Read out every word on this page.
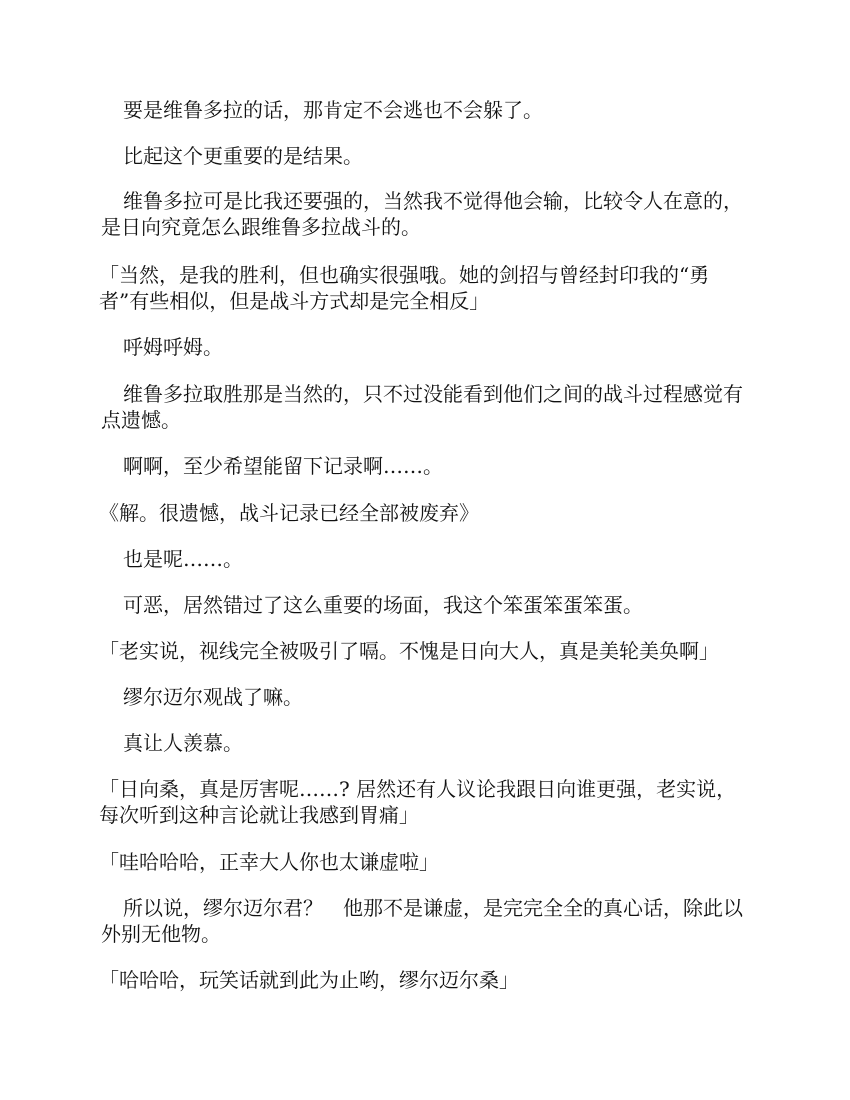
要是维鲁多拉的话，那肯定不会逃也不会躲了。

比起这个更重要的是结果。

维鲁多拉可是比我还要强的，当然我不觉得他会输，比较令人在意的，是日向究竟怎么跟维鲁多拉战斗的。

「当然，是我的胜利，但也确实很强哦。她的剑招与曾经封印我的“勇者”有些相似，但是战斗方式却是完全相反」

呼姆呼姆。

维鲁多拉取胜那是当然的，只不过没能看到他们之间的战斗过程感觉有点遗憾。

啊啊，至少希望能留下记录啊……。

《解。很遗憾，战斗记录已经全部被废弃》

也是呢……。

可恶，居然错过了这么重要的场面，我这个笨蛋笨蛋笨蛋。

「老实说，视线完全被吸引了嗝。不愧是日向大人，真是美轮美奂啊」

缪尔迈尔观战了嘛。

真让人羡慕。

「日向桑，真是厉害呢……? 居然还有人议论我跟日向谁更强，老实说，每次听到这种言论就让我感到胃痛」

「哇哈哈哈，正幸大人你也太谦虚啦」

所以说，缪尔迈尔君？　他那不是谦虚，是完完全全的真心话，除此以外别无他物。

「哈哈哈，玩笑话就到此为止哟，缪尔迈尔桑」
